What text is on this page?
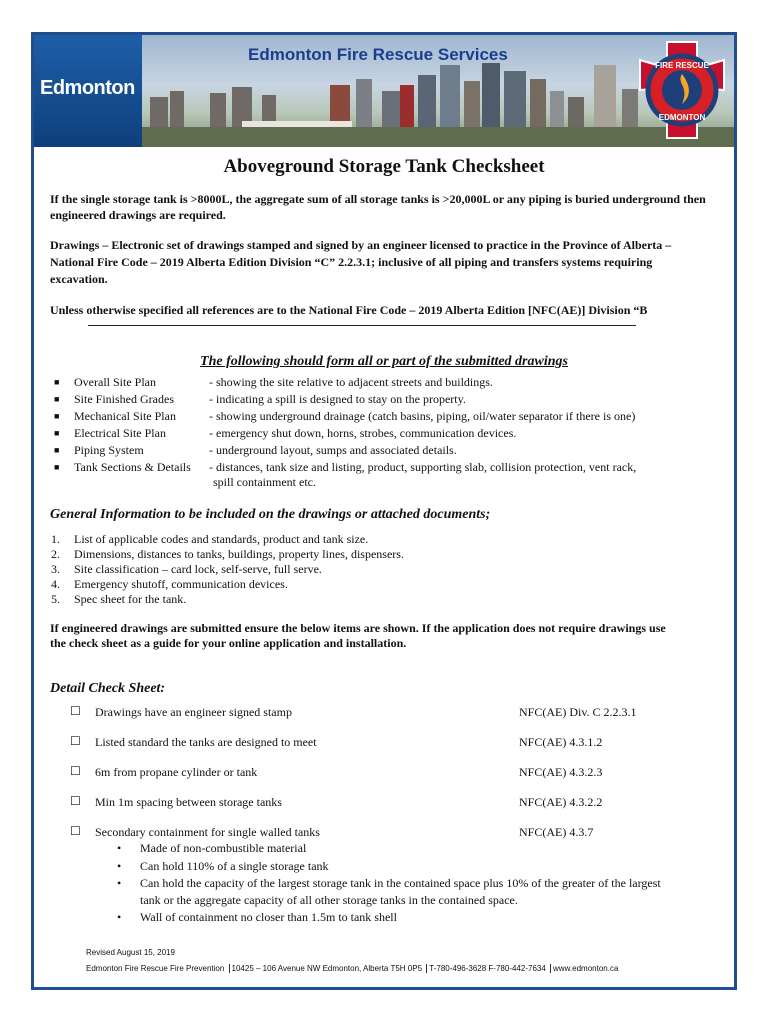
Edmonton
Edmonton Fire Rescue Services
FIRE RESCUE
EDMONTON
Aboveground Storage Tank Checksheet
If the single storage tank is >8000L, the aggregate sum of all storage tanks is >20,000L or any piping is buried underground then
engineered drawings are required.
Drawings – Electronic set of drawings stamped and signed by an engineer licensed to practice in the Province of Alberta –
National Fire Code – 2019 Alberta Edition Division “C” 2.2.3.1; inclusive of all piping and transfers systems requiring
excavation.
Unless otherwise specified all references are to the National Fire Code – 2019 Alberta Edition [NFC(AE)] Division “B
The following should form all or part of the submitted drawings
■ Overall Site Plan	- showing the site relative to adjacent streets and buildings.
■ Site Finished Grades	- indicating a spill is designed to stay on the property.
■ Mechanical Site Plan	- showing underground drainage (catch basins, piping, oil/water separator if there is one)
■ Electrical Site Plan	- emergency shut down, horns, strobes, communication devices.
■ Piping System	- underground layout, sumps and associated details.
■ Tank Sections & Details - distances, tank size and listing, product, supporting slab, collision protection, vent rack,
spill containment etc.
General Information to be included on the drawings or attached documents;
1. List of applicable codes and standards, product and tank size.
2. Dimensions, distances to tanks, buildings, property lines, dispensers.
3. Site classification – card lock, self-serve, full serve.
4. Emergency shutoff, communication devices.
5. Spec sheet for the tank.
If engineered drawings are submitted ensure the below items are shown. If the application does not require drawings use
the check sheet as a guide for your online application and installation.
Detail Check Sheet:
☐ Drawings have an engineer signed stamp	NFC(AE) Div. C 2.2.3.1
☐ Listed standard the tanks are designed to meet	NFC(AE) 4.3.1.2
☐ 6m from propane cylinder or tank	NFC(AE) 4.3.2.3
☐ Min 1m spacing between storage tanks	NFC(AE) 4.3.2.2
☐ Secondary containment for single walled tanks	NFC(AE) 4.3.7
• Made of non-combustible material
• Can hold 110% of a single storage tank
• Can hold the capacity of the largest storage tank in the contained space plus 10% of the greater of the largest
tank or the aggregate capacity of all other storage tanks in the contained space.
• Wall of containment no closer than 1.5m to tank shell
Revised August 15, 2019
Edmonton Fire Rescue Fire Prevention 10425 – 106 Avenue NW Edmonton, Alberta T5H 0P5 T-780-496-3628 F-780-442-7634 www.edmonton.ca
